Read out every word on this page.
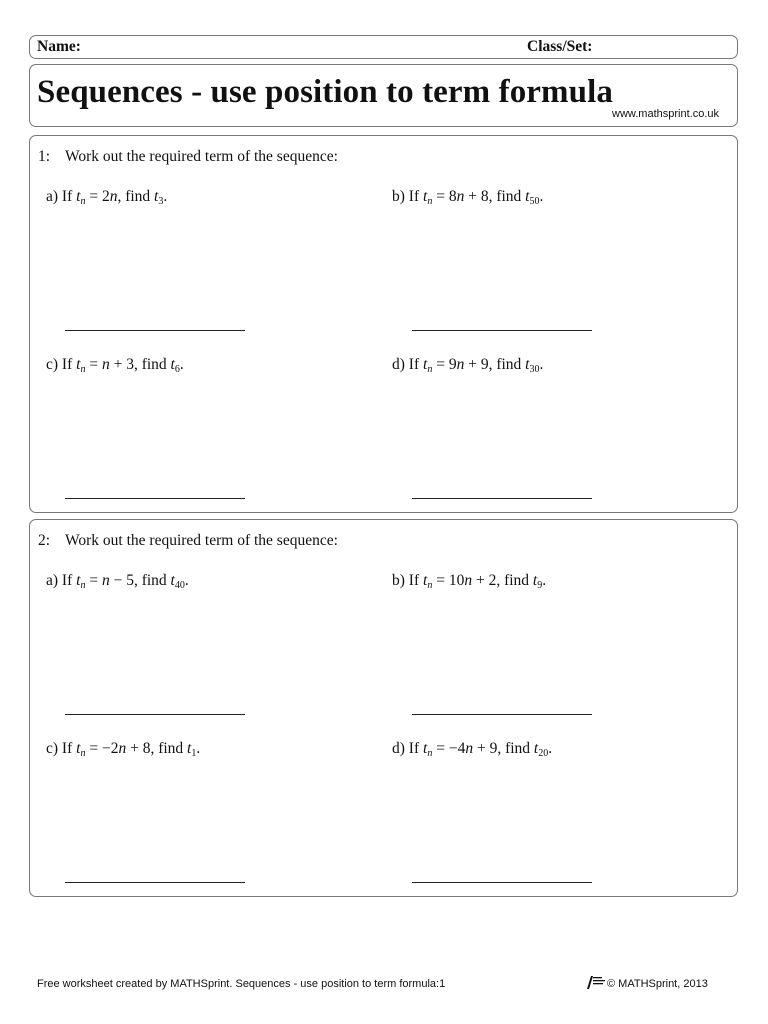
Name:	Class/Set:
Sequences - use position to term formula
www.mathsprint.co.uk
1: Work out the required term of the sequence:
a) If $t_n = 2n$, find $t_3$.	b) If $t_n = 8n + 8$, find $t_{50}$.
c) If $t_n = n + 3$, find $t_6$.	d) If $t_n = 9n + 9$, find $t_{30}$.
2: Work out the required term of the sequence:
a) If $t_n = n - 5$, find $t_{40}$.	b) If $t_n = 10n + 2$, find $t_9$.
c) If $t_n = -2n + 8$, find $t_1$.	d) If $t_n = -4n + 9$, find $t_{20}$.
Free worksheet created by MATHSprint. Sequences - use position to term formula:1	© MATHSprint, 2013
